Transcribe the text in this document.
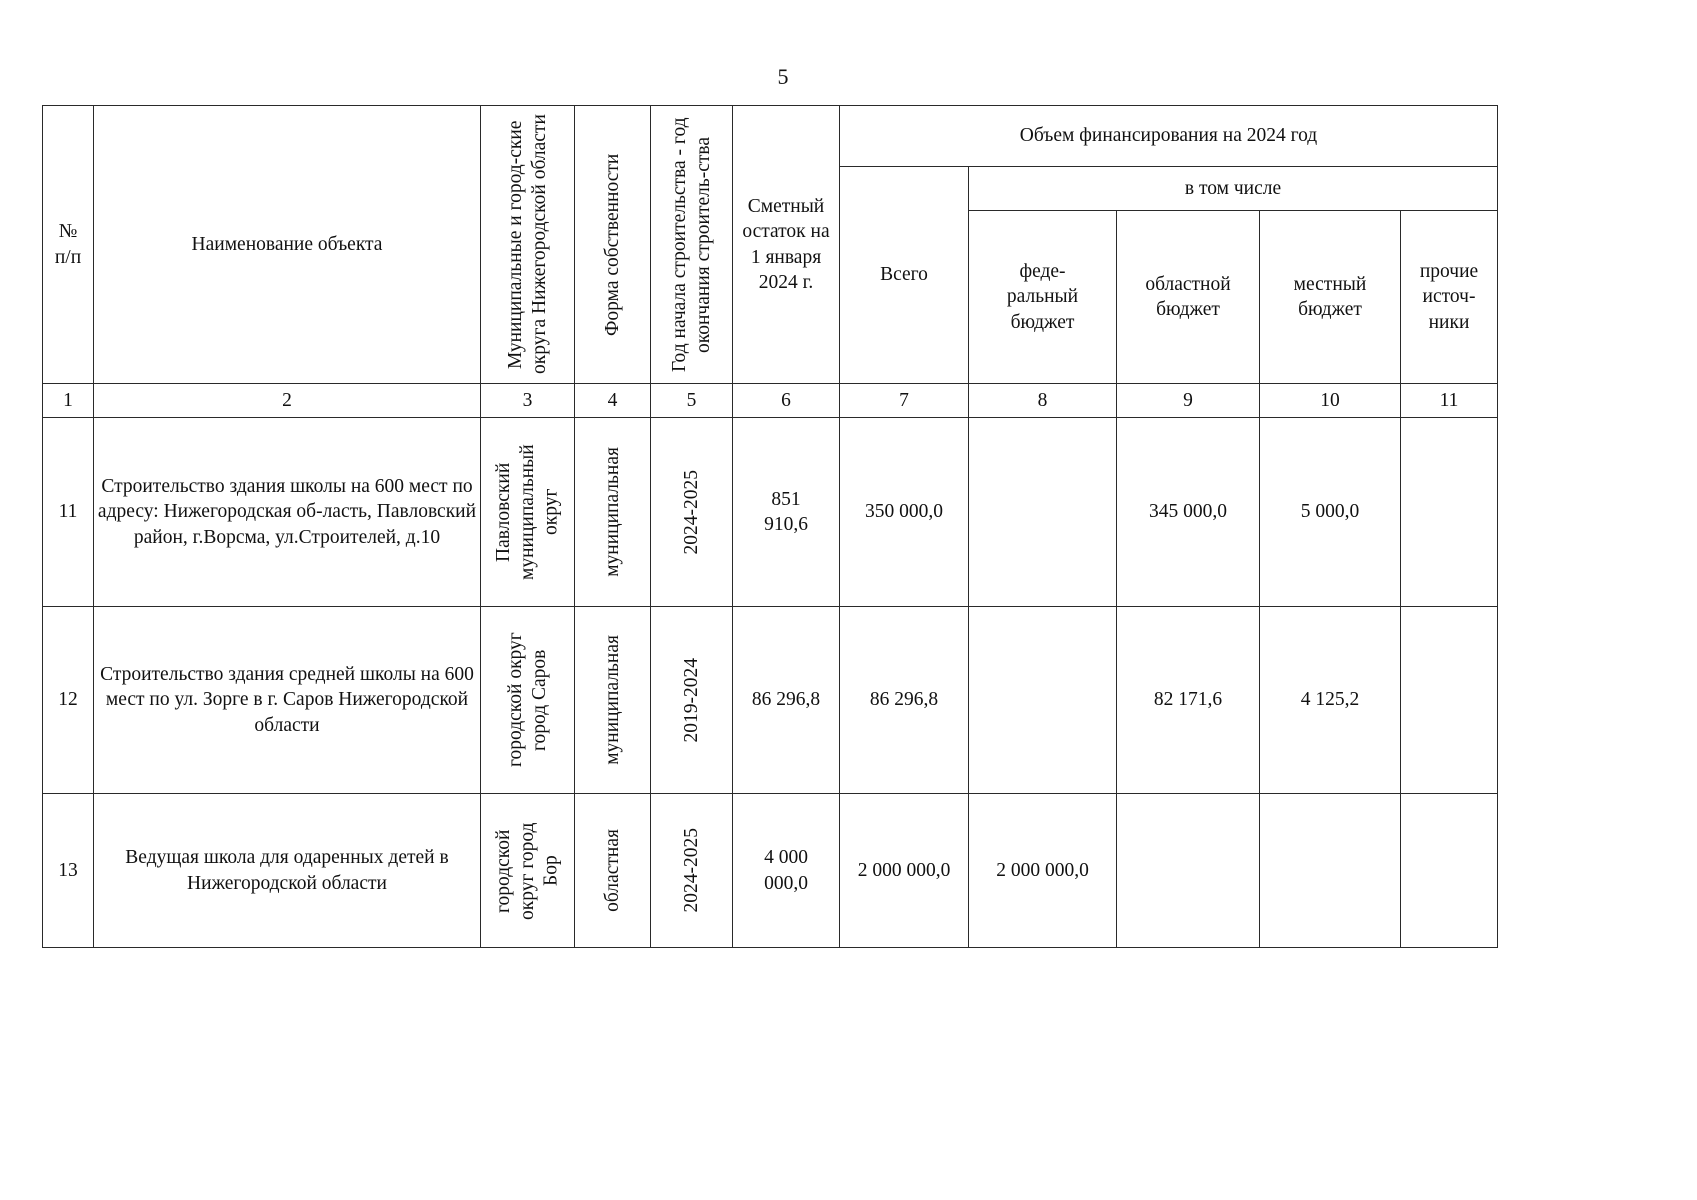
5
№ п/п	Наименование объекта	Муниципальные и город-ские округа Нижегородской области	Форма собственности	Год начала строительства - год окончания строитель-ства	Сметный остаток на 1 января 2024 г.	Объем финансирования на 2024 год				
						Всего	в том числе			

							феде-ральный бюджет	областной бюджет	местный бюджет	прочие источ-ники

1	2	3	4	5	6	7	8	9	10	11
11	Строительство здания школы на 600 мест по адресу: Нижегородская об-ласть, Павловский район, г.Ворсма, ул.Строителей, д.10	Павловский муниципальный округ	муниципальная	2024-2025	851 910,6	350 000,0		345 000,0	5 000,0	
12	Строительство здания средней школы на 600 мест по ул. Зорге в г. Саров Нижегородской области	городской округ город Саров	муниципальная	2019-2024	86 296,8	86 296,8		82 171,6	4 125,2	
13	Ведущая школа для одаренных детей в Нижегородской области	городской округ город Бор	областная	2024-2025	4 000 000,0	2 000 000,0	2 000 000,0			
